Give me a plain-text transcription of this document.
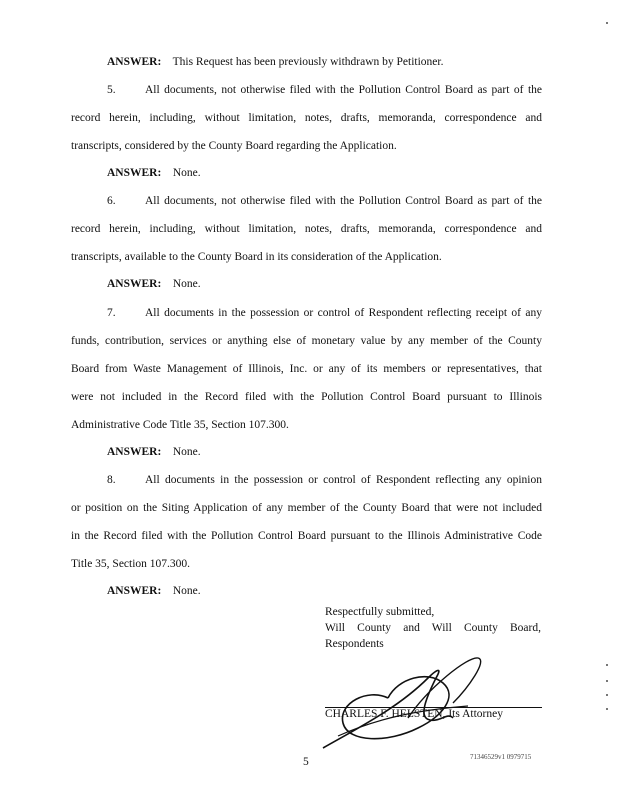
ANSWER: This Request has been previously withdrawn by Petitioner.
5.	All documents, not otherwise filed with the Pollution Control Board as part of the
record herein, including, without limitation, notes, drafts, memoranda, correspondence and
transcripts, considered by the County Board regarding the Application.
ANSWER: None.
6.	All documents, not otherwise filed with the Pollution Control Board as part of the
record herein, including, without limitation, notes, drafts, memoranda, correspondence and
transcripts, available to the County Board in its consideration of the Application.
ANSWER: None.
7.	All documents in the possession or control of Respondent reflecting receipt of any
funds, contribution, services or anything else of monetary value by any member of the County
Board from Waste Management of Illinois, Inc. or any of its members or representatives, that
were not included in the Record filed with the Pollution Control Board pursuant to Illinois
Administrative Code Title 35, Section 107.300.
ANSWER: None.
8.	All documents in the possession or control of Respondent reflecting any opinion
or position on the Siting Application of any member of the County Board that were not included
in the Record filed with the Pollution Control Board pursuant to the Illinois Administrative Code
Title 35, Section 107.300.
ANSWER: None.
Respectfully submitted,
Will County and Will County Board,
Respondents
CHARLES F. HELSTEN, Its Attorney
5	71346529v1 0979715
